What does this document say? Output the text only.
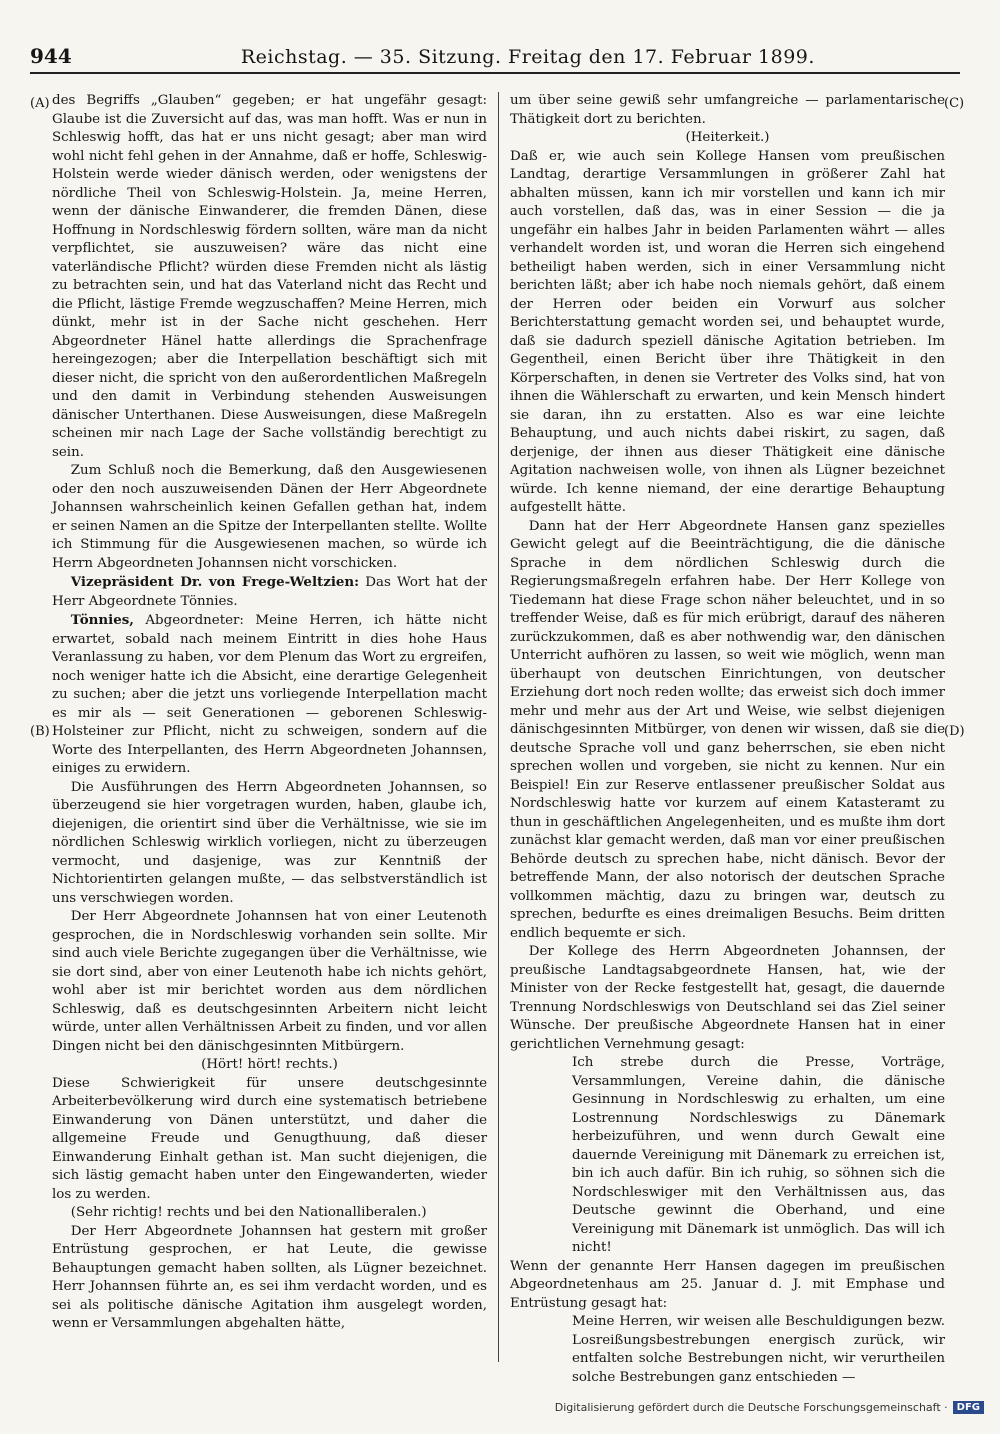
944	Reichstag. — 35. Sitzung. Freitag den 17. Februar 1899.
(A)
(B)
(C)
(D)

des Begriffs „Glauben“ gegeben; er hat ungefähr gesagt: Glaube ist die Zuversicht auf das, was man hofft. Was er nun in Schleswig hofft, das hat er uns nicht gesagt; aber man wird wohl nicht fehl gehen in der Annahme, daß er hoffe, Schleswig-Holstein werde wieder dänisch werden, oder wenigstens der nördliche Theil von Schleswig-Holstein. Ja, meine Herren, wenn der dänische Einwanderer, die fremden Dänen, diese Hoffnung in Nordschleswig fördern sollten, wäre man da nicht verpflichtet, sie auszuweisen? wäre das nicht eine vaterländische Pflicht? würden diese Fremden nicht als lästig zu betrachten sein, und hat das Vaterland nicht das Recht und die Pflicht, lästige Fremde wegzuschaffen? Meine Herren, mich dünkt, mehr ist in der Sache nicht geschehen. Herr Abgeordneter Hänel hatte allerdings die Sprachenfrage hereingezogen; aber die Interpellation beschäftigt sich mit dieser nicht, die spricht von den außerordentlichen Maßregeln und den damit in Verbindung stehenden Ausweisungen dänischer Unterthanen. Diese Ausweisungen, diese Maßregeln scheinen mir nach Lage der Sache vollständig berechtigt zu sein.

Zum Schluß noch die Bemerkung, daß den Ausgewiesenen oder den noch auszuweisenden Dänen der Herr Abgeordnete Johannsen wahrscheinlich keinen Gefallen gethan hat, indem er seinen Namen an die Spitze der Interpellanten stellte. Wollte ich Stimmung für die Ausgewiesenen machen, so würde ich Herrn Abgeordneten Johannsen nicht vorschicken.

Vizepräsident Dr. von Frege-Weltzien: Das Wort hat der Herr Abgeordnete Tönnies.

Tönnies, Abgeordneter: Meine Herren, ich hätte nicht erwartet, sobald nach meinem Eintritt in dies hohe Haus Veranlassung zu haben, vor dem Plenum das Wort zu ergreifen, noch weniger hatte ich die Absicht, eine derartige Gelegenheit zu suchen; aber die jetzt uns vorliegende Interpellation macht es mir als — seit Generationen — geborenen Schleswig-Holsteiner zur Pflicht, nicht zu schweigen, sondern auf die Worte des Interpellanten, des Herrn Abgeordneten Johannsen, einiges zu erwidern.

Die Ausführungen des Herrn Abgeordneten Johannsen, so überzeugend sie hier vorgetragen wurden, haben, glaube ich, diejenigen, die orientirt sind über die Verhältnisse, wie sie im nördlichen Schleswig wirklich vorliegen, nicht zu überzeugen vermocht, und dasjenige, was zur Kenntniß der Nichtorientirten gelangen mußte, — das selbstverständlich ist uns verschwiegen worden.

Der Herr Abgeordnete Johannsen hat von einer Leutenoth gesprochen, die in Nordschleswig vorhanden sein sollte. Mir sind auch viele Berichte zugegangen über die Verhältnisse, wie sie dort sind, aber von einer Leutenoth habe ich nichts gehört, wohl aber ist mir berichtet worden aus dem nördlichen Schleswig, daß es deutschgesinnten Arbeitern nicht leicht würde, unter allen Verhältnissen Arbeit zu finden, und vor allen Dingen nicht bei den dänischgesinnten Mitbürgern.

(Hört! hört! rechts.)

Diese Schwierigkeit für unsere deutschgesinnte Arbeiterbevölkerung wird durch eine systematisch betriebene Einwanderung von Dänen unterstützt, und daher die allgemeine Freude und Genugthuung, daß dieser Einwanderung Einhalt gethan ist. Man sucht diejenigen, die sich lästig gemacht haben unter den Eingewanderten, wieder los zu werden.

(Sehr richtig! rechts und bei den Nationalliberalen.)

Der Herr Abgeordnete Johannsen hat gestern mit großer Entrüstung gesprochen, er hat Leute, die gewisse Behauptungen gemacht haben sollten, als Lügner bezeichnet. Herr Johannsen führte an, es sei ihm verdacht worden, und es sei als politische dänische Agitation ihm ausgelegt worden, wenn er Versammlungen abgehalten hätte,

um über seine gewiß sehr umfangreiche — parlamentarische Thätigkeit dort zu berichten.

(Heiterkeit.)

Daß er, wie auch sein Kollege Hansen vom preußischen Landtag, derartige Versammlungen in größerer Zahl hat abhalten müssen, kann ich mir vorstellen und kann ich mir auch vorstellen, daß das, was in einer Session — die ja ungefähr ein halbes Jahr in beiden Parlamenten währt — alles verhandelt worden ist, und woran die Herren sich eingehend betheiligt haben werden, sich in einer Versammlung nicht berichten läßt; aber ich habe noch niemals gehört, daß einem der Herren oder beiden ein Vorwurf aus solcher Berichterstattung gemacht worden sei, und behauptet wurde, daß sie dadurch speziell dänische Agitation betrieben. Im Gegentheil, einen Bericht über ihre Thätigkeit in den Körperschaften, in denen sie Vertreter des Volks sind, hat von ihnen die Wählerschaft zu erwarten, und kein Mensch hindert sie daran, ihn zu erstatten. Also es war eine leichte Behauptung, und auch nichts dabei riskirt, zu sagen, daß derjenige, der ihnen aus dieser Thätigkeit eine dänische Agitation nachweisen wolle, von ihnen als Lügner bezeichnet würde. Ich kenne niemand, der eine derartige Behauptung aufgestellt hätte.

Dann hat der Herr Abgeordnete Hansen ganz spezielles Gewicht gelegt auf die Beeinträchtigung, die die dänische Sprache in dem nördlichen Schleswig durch die Regierungsmaßregeln erfahren habe. Der Herr Kollege von Tiedemann hat diese Frage schon näher beleuchtet, und in so treffender Weise, daß es für mich erübrigt, darauf des näheren zurückzukommen, daß es aber nothwendig war, den dänischen Unterricht aufhören zu lassen, so weit wie möglich, wenn man überhaupt von deutschen Einrichtungen, von deutscher Erziehung dort noch reden wollte; das erweist sich doch immer mehr und mehr aus der Art und Weise, wie selbst diejenigen dänischgesinnten Mitbürger, von denen wir wissen, daß sie die deutsche Sprache voll und ganz beherrschen, sie eben nicht sprechen wollen und vorgeben, sie nicht zu kennen. Nur ein Beispiel! Ein zur Reserve entlassener preußischer Soldat aus Nordschleswig hatte vor kurzem auf einem Katasteramt zu thun in geschäftlichen Angelegenheiten, und es mußte ihm dort zunächst klar gemacht werden, daß man vor einer preußischen Behörde deutsch zu sprechen habe, nicht dänisch. Bevor der betreffende Mann, der also notorisch der deutschen Sprache vollkommen mächtig, dazu zu bringen war, deutsch zu sprechen, bedurfte es eines dreimaligen Besuchs. Beim dritten endlich bequemte er sich.

Der Kollege des Herrn Abgeordneten Johannsen, der preußische Landtagsabgeordnete Hansen, hat, wie der Minister von der Recke festgestellt hat, gesagt, die dauernde Trennung Nordschleswigs von Deutschland sei das Ziel seiner Wünsche. Der preußische Abgeordnete Hansen hat in einer gerichtlichen Vernehmung gesagt:

Ich strebe durch die Presse, Vorträge, Versammlungen, Vereine dahin, die dänische Gesinnung in Nordschleswig zu erhalten, um eine Lostrennung Nordschleswigs zu Dänemark herbeizuführen, und wenn durch Gewalt eine dauernde Vereinigung mit Dänemark zu erreichen ist, bin ich auch dafür. Bin ich ruhig, so söhnen sich die Nordschleswiger mit den Verhältnissen aus, das Deutsche gewinnt die Oberhand, und eine Vereinigung mit Dänemark ist unmöglich. Das will ich nicht!

Wenn der genannte Herr Hansen dagegen im preußischen Abgeordnetenhaus am 25. Januar d. J. mit Emphase und Entrüstung gesagt hat:

Meine Herren, wir weisen alle Beschuldigungen bezw. Losreißungsbestrebungen energisch zurück, wir entfalten solche Bestrebungen nicht, wir verurtheilen solche Bestrebungen ganz entschieden —

Digitalisierung gefördert durch die Deutsche Forschungsgemeinschaft · DFG
